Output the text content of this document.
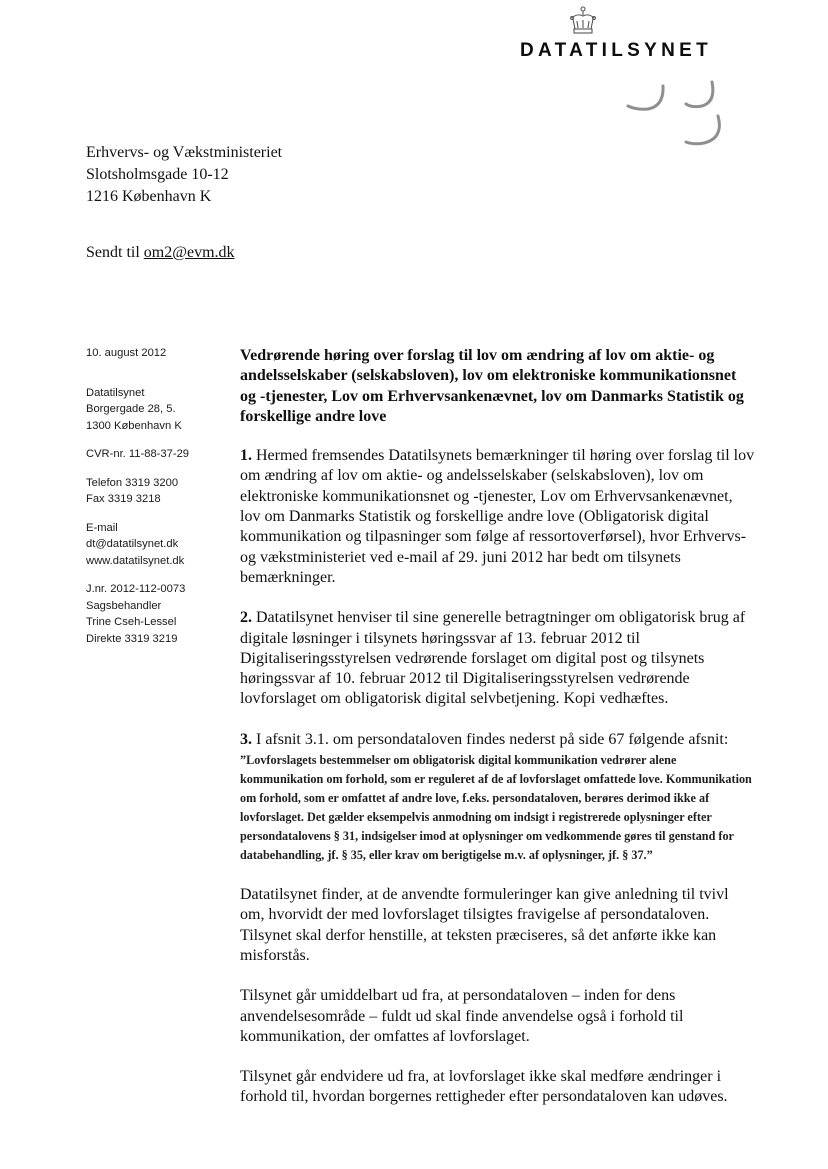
DATATILSYNET
Erhvervs- og Vækstministeriet
Slotsholmsgade 10-12
1216 København K
Sendt til om2@evm.dk
10. august 2012
Datatilsynet
Borgergade 28, 5.
1300 København K
CVR-nr. 11-88-37-29
Telefon 3319 3200
Fax 3319 3218
E-mail
dt@datatilsynet.dk
www.datatilsynet.dk
J.nr. 2012-112-0073
Sagsbehandler
Trine Cseh-Lessel
Direkte 3319 3219

Vedrørende høring over forslag til lov om ændring af lov om aktie- og andelsselskaber (selskabsloven), lov om elektroniske kommunikationsnet og -tjenester, Lov om Erhvervsankenævnet, lov om Danmarks Statistik og forskellige andre love

1. Hermed fremsendes Datatilsynets bemærkninger til høring over forslag til lov om ændring af lov om aktie- og andelsselskaber (selskabsloven), lov om elektroniske kommunikationsnet og -tjenester, Lov om Erhvervsankenævnet, lov om Danmarks Statistik og forskellige andre love (Obligatorisk digital kommunikation og tilpasninger som følge af ressortoverførsel), hvor Erhvervs- og vækstministeriet ved e-mail af 29. juni 2012 har bedt om tilsynets bemærkninger.

2. Datatilsynet henviser til sine generelle betragtninger om obligatorisk brug af digitale løsninger i tilsynets høringssvar af 13. februar 2012 til Digitaliseringsstyrelsen vedrørende forslaget om digital post og tilsynets høringssvar af 10. februar 2012 til Digitaliseringsstyrelsen vedrørende lovforslaget om obligatorisk digital selvbetjening. Kopi vedhæftes.

3. I afsnit 3.1. om persondataloven findes nederst på side 67 følgende afsnit:
”Lovforslagets bestemmelser om obligatorisk digital kommunikation vedrører alene kommunikation om forhold, som er reguleret af de af lovforslaget omfattede love. Kommunikation om forhold, som er omfattet af andre love, f.eks. persondataloven, berøres derimod ikke af lovforslaget. Det gælder eksempelvis anmodning om indsigt i registrerede oplysninger efter persondatalovens § 31, indsigelser imod at oplysninger om vedkommende gøres til genstand for databehandling, jf. § 35, eller krav om berigtigelse m.v. af oplysninger, jf. § 37.”

Datatilsynet finder, at de anvendte formuleringer kan give anledning til tvivl om, hvorvidt der med lovforslaget tilsigtes fravigelse af persondataloven. Tilsynet skal derfor henstille, at teksten præciseres, så det anførte ikke kan misforstås.

Tilsynet går umiddelbart ud fra, at persondataloven – inden for dens anvendelsesområde – fuldt ud skal finde anvendelse også i forhold til kommunikation, der omfattes af lovforslaget.

Tilsynet går endvidere ud fra, at lovforslaget ikke skal medføre ændringer i forhold til, hvordan borgernes rettigheder efter persondataloven kan udøves.
